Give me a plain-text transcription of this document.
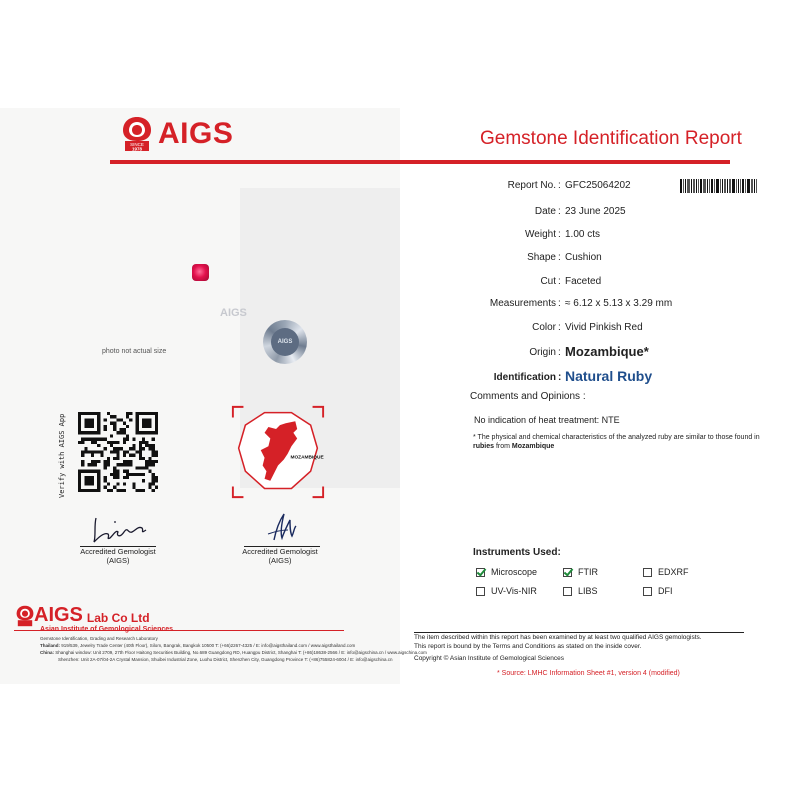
SINCE
1978 AIGS	Gemstone Identification Report
Report No. : GFC25064202
Date : 23 June 2025
Weight : 1.00 cts
Shape : Cushion
Cut : Faceted
Measurements : ≈ 6.12 x 5.13 x 3.29 mm
Color : Vivid Pinkish Red
Origin : Mozambique*
Identification : Natural Ruby
Comments and Opinions :
No indication of heat treatment: NTE
* The physical and chemical characteristics of the analyzed ruby are similar to those found in rubies from Mozambique
photo not actual size
AIGS
AIGS
Verify with AIGS App	MOZAMBIQUE
Accredited Gemologist
(AIGS)
Accredited Gemologist
(AIGS)
Instruments Used:
Microscope	FTIR	EDXRF
UV-Vis-NIR	LIBS	DFI
AIGS Lab Co Ltd
Gemstone Identification, Grading and Research Laboratory
Thailand: 919/539, Jewelry Trade Center (40th Floor), Silom, Bangrak, Bangkok 10500 T: (+66)2267-4325 / E: info@aigsthailand.com / www.aigsthailand.com
China: Shanghai window: Unit 2709, 27th Floor Haitong Securities Building, No.689 Guangdong RD, Huangpu District, Shanghai T: (+86)18638-2566 / E: info@aigschina.cn / www.aigschina.com
Shenzhen: Unit 2A-07/04-2A Crystal Mansion, Shuibei Industrial Zone, Luohu District, Shenzhen City, Guangdong Province T: (+86)755824-6004 / E: info@aigschina.cn
The item described within this report has been examined by at least two qualified AIGS gemologists.
This report is bound by the Terms and Conditions as stated on the inside cover.
Copyright © Asian Institute of Gemological Sciences
* Source: LMHC Information Sheet #1, version 4 (modified)
